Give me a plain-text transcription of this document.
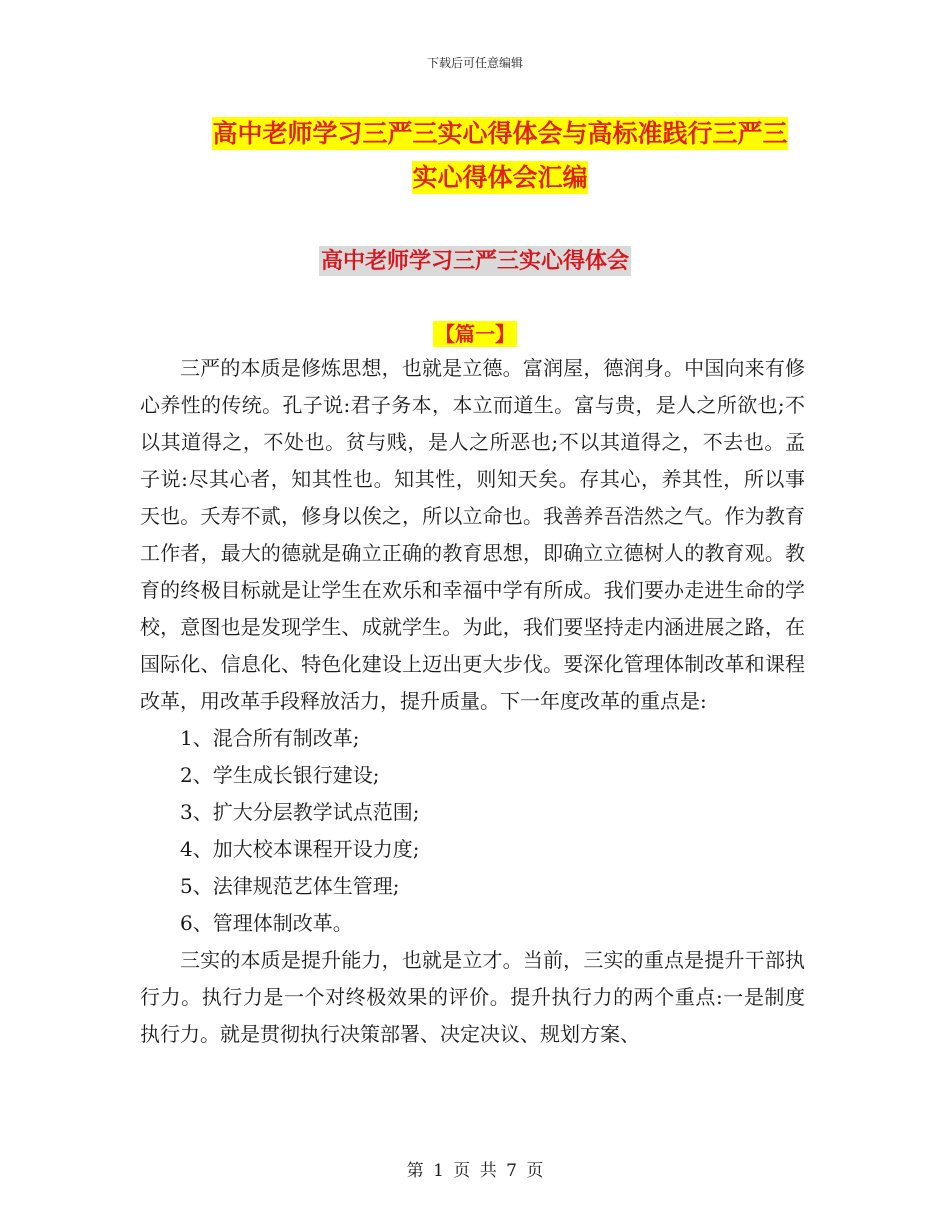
下载后可任意编辑
高中老师学习三严三实心得体会与高标准践行三严三
实心得体会汇编
高中老师学习三严三实心得体会
【篇一】

三严的本质是修炼思想，也就是立德。富润屋，德润身。中国向来有修心养性的传统。孔子说:君子务本，本立而道生。富与贵，是人之所欲也;不以其道得之，不处也。贫与贱，是人之所恶也;不以其道得之，不去也。孟子说:尽其心者，知其性也。知其性，则知天矣。存其心，养其性，所以事天也。夭寿不贰，修身以俟之，所以立命也。我善养吾浩然之气。作为教育工作者，最大的德就是确立正确的教育思想，即确立立德树人的教育观。教育的终极目标就是让学生在欢乐和幸福中学有所成。我们要办走进生命的学校，意图也是发现学生、成就学生。为此，我们要坚持走内涵进展之路，在国际化、信息化、特色化建设上迈出更大步伐。要深化管理体制改革和课程改革，用改革手段释放活力，提升质量。下一年度改革的重点是:

1、混合所有制改革;
2、学生成长银行建设;
3、扩大分层教学试点范围;
4、加大校本课程开设力度;
5、法律规范艺体生管理;
6、管理体制改革。

三实的本质是提升能力，也就是立才。当前，三实的重点是提升干部执行力。执行力是一个对终极效果的评价。提升执行力的两个重点:一是制度执行力。就是贯彻执行决策部署、决定决议、规划方案、

第 1 页 共 7 页
